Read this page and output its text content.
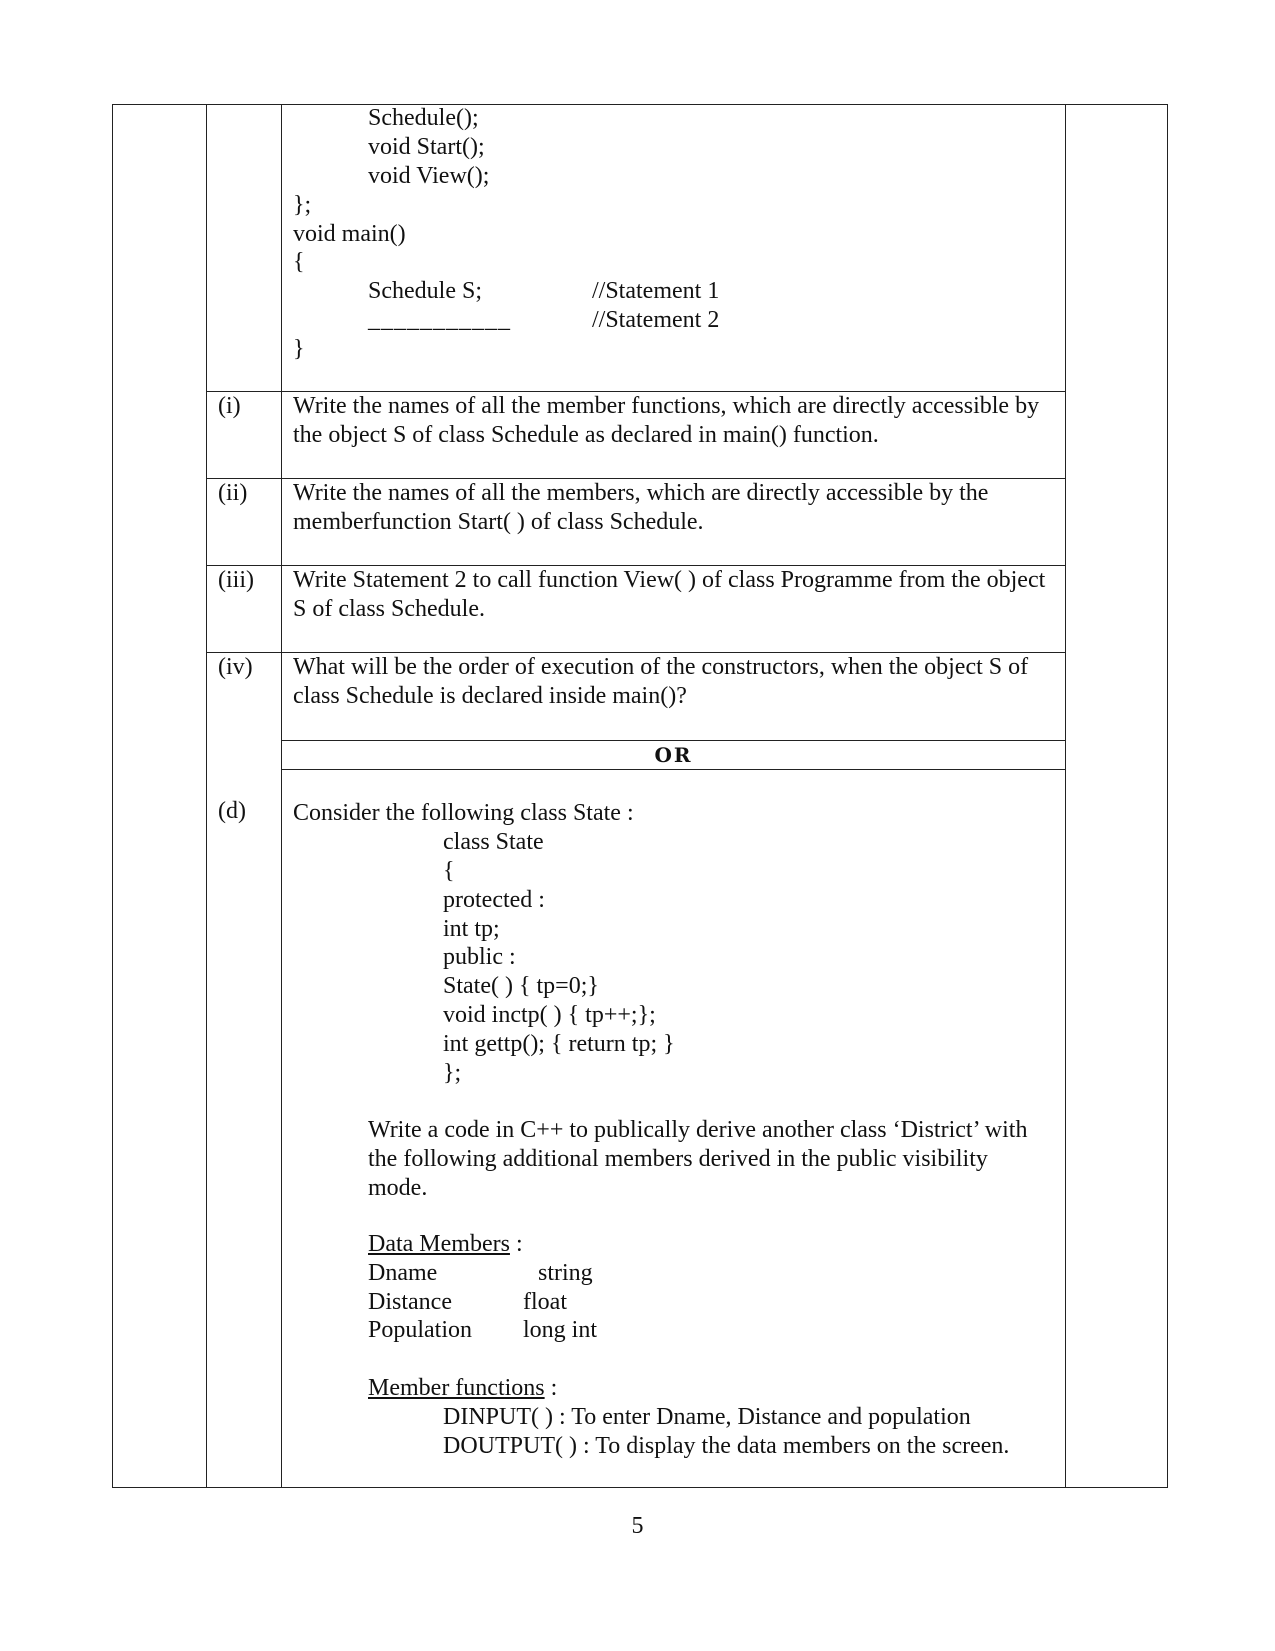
Schedule();
void Start();
void View();
};
void main()
{
Schedule S;	//Statement 1
___________	//Statement 2
}
(i) Write the names of all the member functions, which are directly accessible by the object S of class Schedule as declared in main() function.
(ii) Write the names of all the members, which are directly accessible by the memberfunction Start( ) of class Schedule.
(iii) Write Statement 2 to call function View( ) of class Programme from the object S of class Schedule.
(iv) What will be the order of execution of the constructors, when the object S of class Schedule is declared inside main()?
OR
(d) Consider the following class State :
class State
{
protected :
int tp;
public :
State( ) { tp=0;}
void inctp( ) { tp++;};
int gettp(); { return tp; }
};
Write a code in C++ to publically derive another class ‘District’ with the following additional members derived in the public visibility mode.
Data Members :
Dname	string
Distance	float
Population long int
Member functions :
DINPUT( ) : To enter Dname, Distance and population
DOUTPUT( ) : To display the data members on the screen.
5
